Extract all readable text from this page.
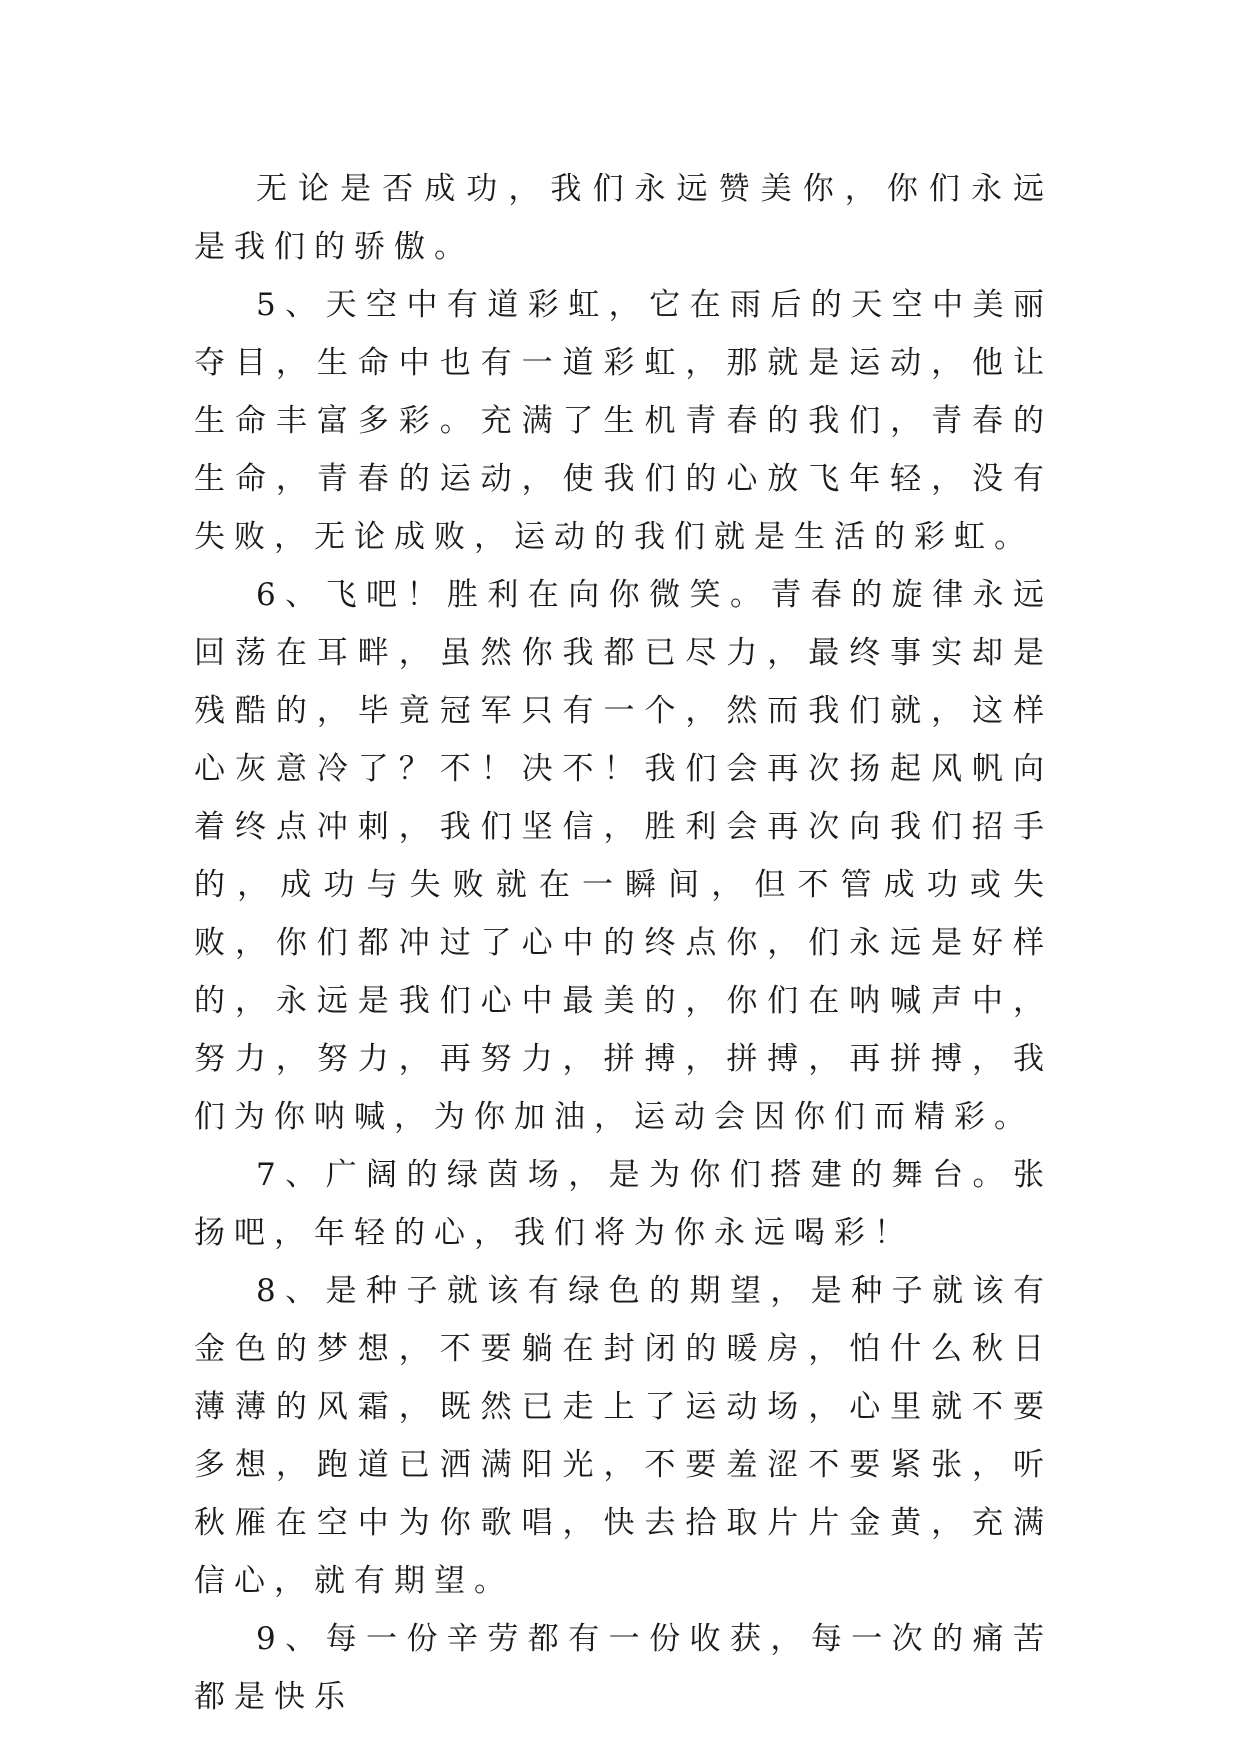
无论是否成功，我们永远赞美你，你们永远是我们的骄傲。

5、天空中有道彩虹，它在雨后的天空中美丽夺目，生命中也有一道彩虹，那就是运动，他让生命丰富多彩。充满了生机青春的我们，青春的生命，青春的运动，使我们的心放飞年轻，没有失败，无论成败，运动的我们就是生活的彩虹。

6、飞吧！胜利在向你微笑。青春的旋律永远回荡在耳畔，虽然你我都已尽力，最终事实却是残酷的，毕竟冠军只有一个，然而我们就，这样心灰意冷了？不！决不！我们会再次扬起风帆向着终点冲刺，我们坚信，胜利会再次向我们招手的，成功与失败就在一瞬间，但不管成功或失败，你们都冲过了心中的终点你，们永远是好样的，永远是我们心中最美的，你们在呐喊声中，努力，努力，再努力，拼搏，拼搏，再拼搏，我们为你呐喊，为你加油，运动会因你们而精彩。

7、广阔的绿茵场，是为你们搭建的舞台。张扬吧，年轻的心，我们将为你永远喝彩！

8、是种子就该有绿色的期望，是种子就该有金色的梦想，不要躺在封闭的暖房，怕什么秋日薄薄的风霜，既然已走上了运动场，心里就不要多想，跑道已洒满阳光，不要羞涩不要紧张，听秋雁在空中为你歌唱，快去拾取片片金黄，充满信心，就有期望。

9、每一份辛劳都有一份收获，每一次的痛苦都是快乐
